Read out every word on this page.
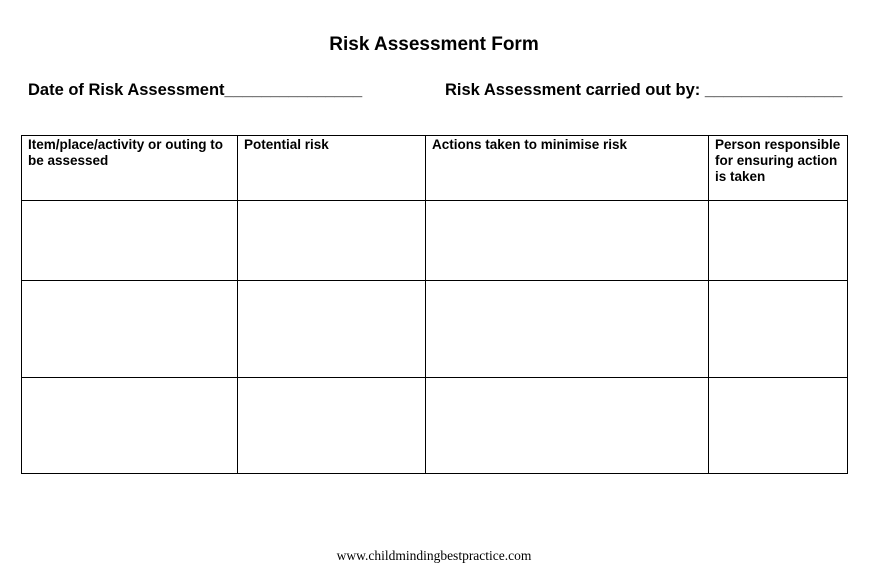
Risk Assessment Form
Date of Risk Assessment_______________	Risk Assessment carried out by: _______________
Item/place/activity or outing to be assessed	Potential risk	Actions taken to minimise risk	Person responsible for ensuring action is taken

www.childmindingbestpractice.com
